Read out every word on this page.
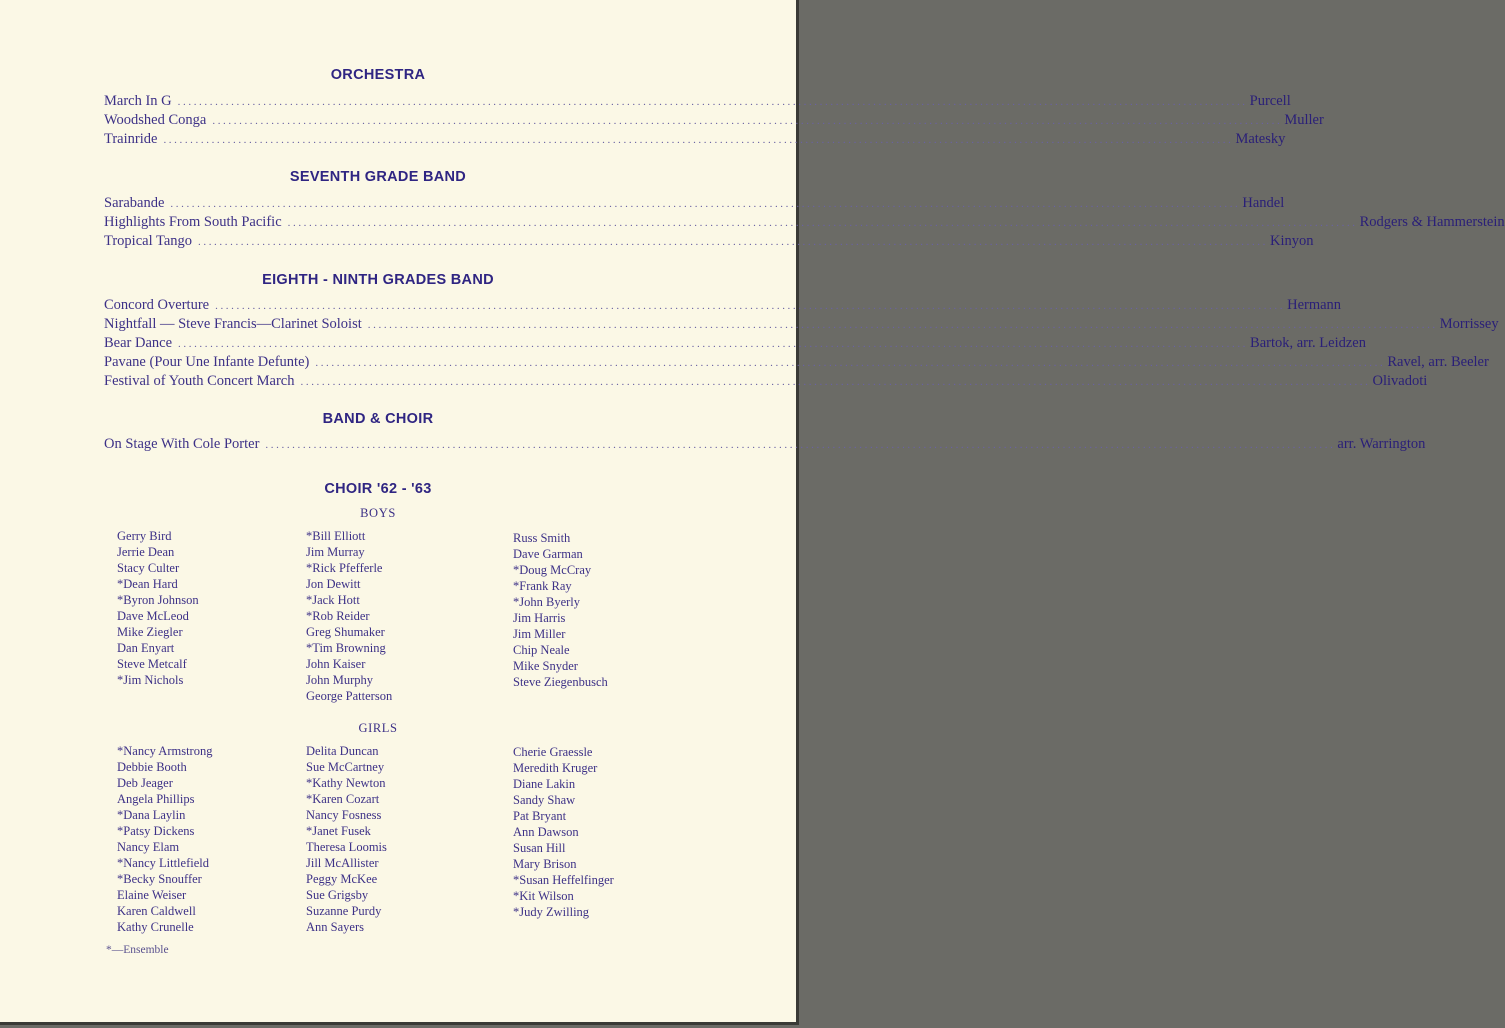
ORCHESTRA
March In G ........................................................................................................................................................................................................ Purcell
Woodshed Conga ........................................................................................................................................................................................................ Muller
Trainride ........................................................................................................................................................................................................ Matesky
SEVENTH GRADE BAND
Sarabande ........................................................................................................................................................................................................ Handel
Highlights From South Pacific ........................................................................................................................................................................................................ Rodgers & Hammerstein
Tropical Tango ........................................................................................................................................................................................................ Kinyon
EIGHTH - NINTH GRADES BAND
Concord Overture ........................................................................................................................................................................................................ Hermann
Nightfall — Steve Francis—Clarinet Soloist ........................................................................................................................................................................................................ Morrissey
Bear Dance ........................................................................................................................................................................................................ Bartok, arr. Leidzen
Pavane (Pour Une Infante Defunte) ........................................................................................................................................................................................................ Ravel, arr. Beeler
Festival of Youth Concert March ........................................................................................................................................................................................................ Olivadoti
BAND & CHOIR
On Stage With Cole Porter ........................................................................................................................................................................................................ arr. Warrington
CHOIR '62 - '63
BOYS
Gerry Bird
Jerrie Dean
Stacy Culter
*Dean Hard
*Byron Johnson
Dave McLeod
Mike Ziegler
Dan Enyart
Steve Metcalf
*Jim Nichols
*Bill Elliott
Jim Murray
*Rick Pfefferle
Jon Dewitt
*Jack Hott
*Rob Reider
Greg Shumaker
*Tim Browning
John Kaiser
John Murphy
George Patterson
Russ Smith
Dave Garman
*Doug McCray
*Frank Ray
*John Byerly
Jim Harris
Jim Miller
Chip Neale
Mike Snyder
Steve Ziegenbusch
GIRLS
*Nancy Armstrong
Debbie Booth
Deb Jeager
Angela Phillips
*Dana Laylin
*Patsy Dickens
Nancy Elam
*Nancy Littlefield
*Becky Snouffer
Elaine Weiser
Karen Caldwell
Kathy Crunelle
Delita Duncan
Sue McCartney
*Kathy Newton
*Karen Cozart
Nancy Fosness
*Janet Fusek
Theresa Loomis
Jill McAllister
Peggy McKee
Sue Grigsby
Suzanne Purdy
Ann Sayers
Cherie Graessle
Meredith Kruger
Diane Lakin
Sandy Shaw
Pat Bryant
Ann Dawson
Susan Hill
Mary Brison
*Susan Heffelfinger
*Kit Wilson
*Judy Zwilling
*—Ensemble
